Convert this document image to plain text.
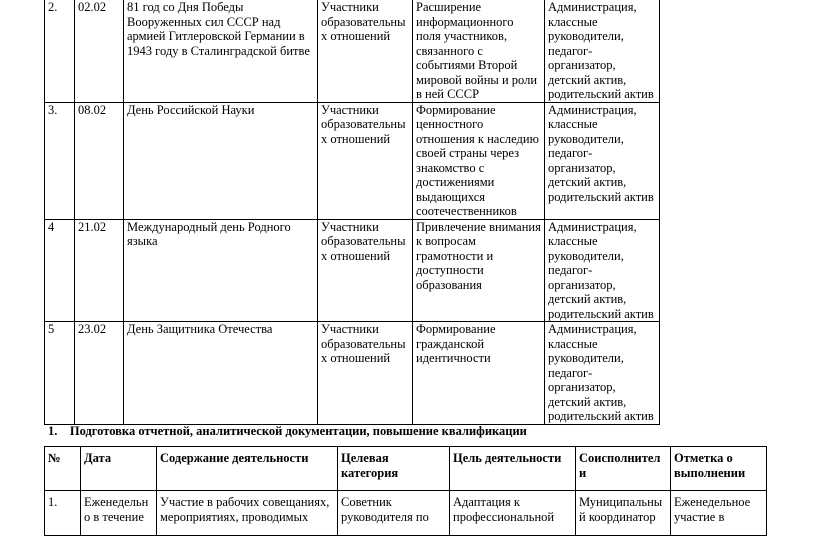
2.	02.02	81 год со Дня Победы Вооруженных сил СССР над армией Гитлеровской Германии в 1943 году в Сталинградской битве	Участники образовательных отношений	Расширение информационного поля участников, связанного с событиями Второй мировой войны и роли в ней СССР	Администрация, классные руководители, педагог-организатор, детский актив, родительский актив
3.	08.02	День Российской Науки	Участники образовательных отношений	Формирование ценностного отношения к наследию своей страны через знакомство с достижениями выдающихся соотечественников	Администрация, классные руководители, педагог-организатор, детский актив, родительский актив
4	21.02	Международный день Родного языка	Участники образовательных отношений	Привлечение внимания к вопросам грамотности и доступности образования	Администрация, классные руководители, педагог-организатор, детский актив, родительский актив
5	23.02	День Защитника Отечества	Участники образовательных отношений	Формирование гражданской идентичности	Администрация, классные руководители, педагог-организатор, детский актив, родительский актив
1.    Подготовка отчетной, аналитической документации, повышение квалификации
№	Дата	Содержание деятельности	Целевая категория	Цель деятельности	Соисполнители	Отметка о выполнении
1.	Еженедельно в течение	Участие в рабочих совещаниях, мероприятиях, проводимых	Советник руководителя по	Адаптация к профессиональной	Муниципальный координатор	Еженедельное участие в
